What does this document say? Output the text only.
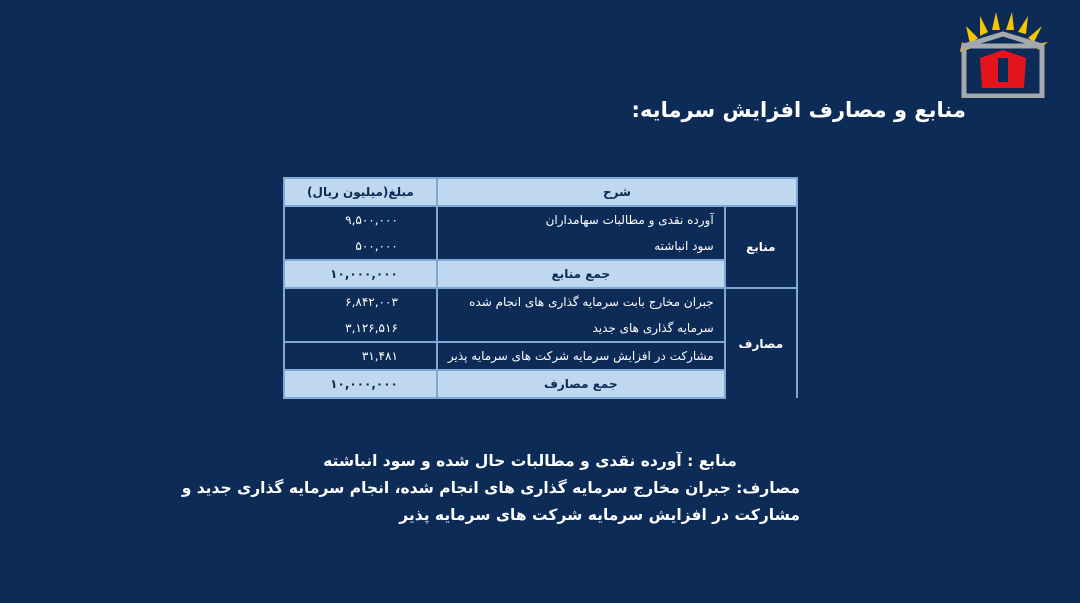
منابع و مصارف افزایش سرمایه:
شرح		مبلغ(میلیون ریال)
منابع	آورده نقدی و مطالبات سهامداران	۹,۵۰۰,۰۰۰
	سود انباشته	۵۰۰,۰۰۰
	جمع منابع	۱۰,۰۰۰,۰۰۰
مصارف	جبران مخارج بابت سرمایه گذاری های انجام شده	۶,۸۴۲,۰۰۳
	سرمایه گذاری های جدید	۳,۱۲۶,۵۱۶
	مشارکت در افزایش سرمایه شرکت های سرمایه پذیر	۳۱,۴۸۱
	جمع مصارف	۱۰,۰۰۰,۰۰۰
منابع : آورده نقدی و مطالبات حال شده و سود انباشته
مصارف: جبران مخارج سرمایه گذاری های انجام شده، انجام سرمایه گذاری جدید و
مشارکت در افزایش سرمایه شرکت های سرمایه پذیر
